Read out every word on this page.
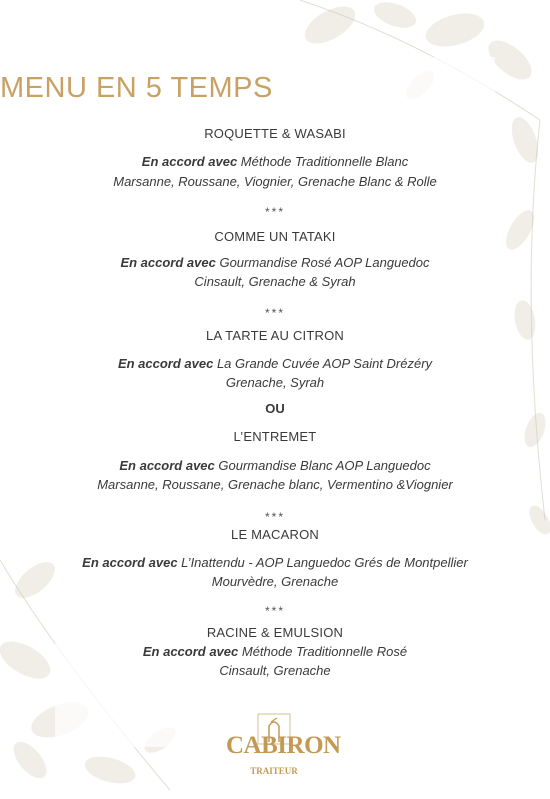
MENU EN 5 TEMPS
ROQUETTE & WASABI
En accord avec Méthode Traditionnelle Blanc
Marsanne, Roussane, Viognier, Grenache Blanc & Rolle
***
COMME UN TATAKI
En accord avec Gourmandise Rosé AOP Languedoc
Cinsault, Grenache & Syrah
***
LA TARTE AU CITRON
En accord avec La Grande Cuvée AOP Saint Drézéry
Grenache, Syrah
OU
L’ENTREMET
En accord avec Gourmandise Blanc AOP Languedoc
Marsanne, Roussane, Grenache blanc, Vermentino &Viognier
***
LE MACARON
En accord avec L’Inattendu - AOP Languedoc Grés de Montpellier
Mourvèdre, Grenache
***
RACINE & EMULSION
En accord avec Méthode Traditionnelle Rosé
Cinsault, Grenache
CABIRON
TRAITEUR
